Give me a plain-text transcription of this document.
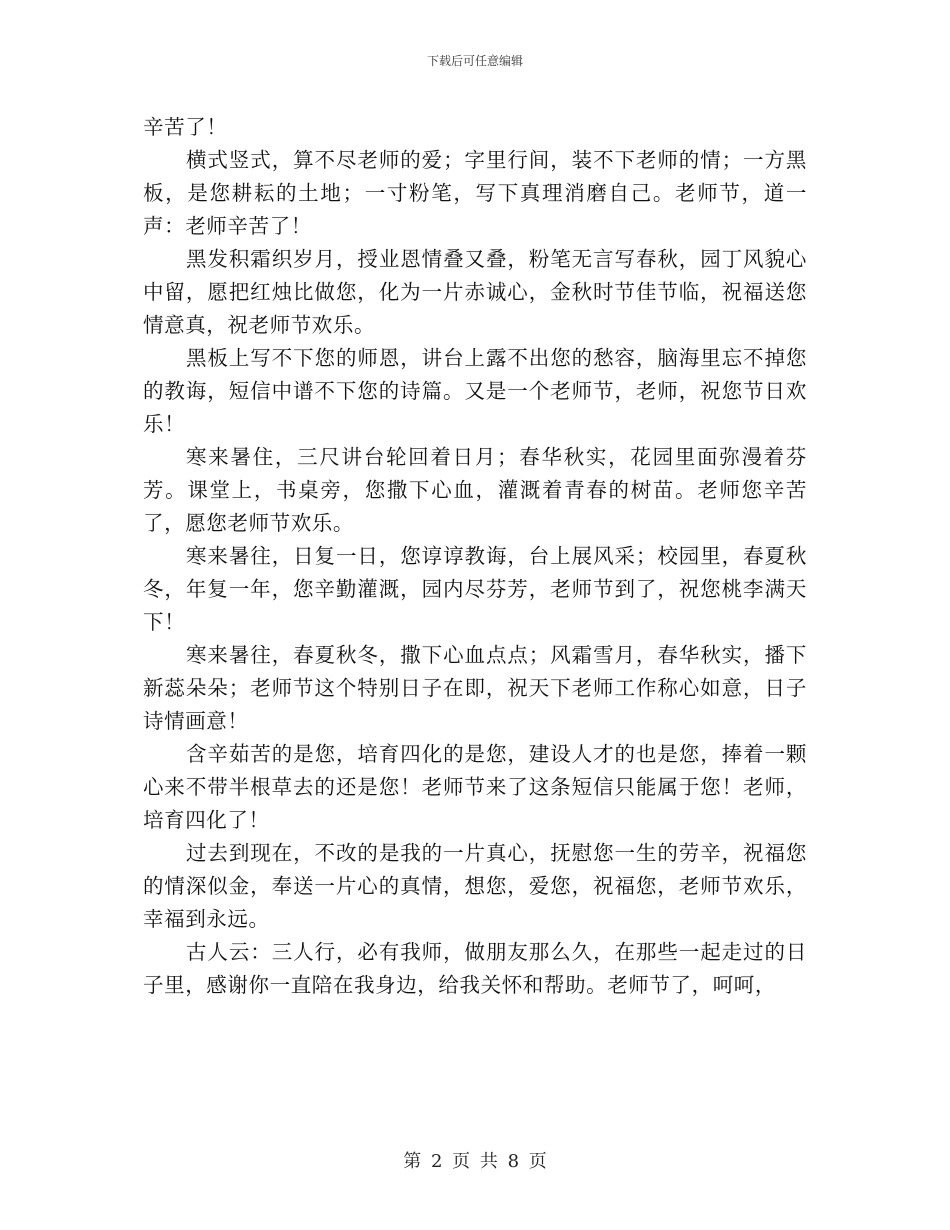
下载后可任意编辑

辛苦了！

横式竖式，算不尽老师的爱；字里行间，装不下老师的情；一方黑板，是您耕耘的土地；一寸粉笔，写下真理消磨自己。老师节，道一声：老师辛苦了！

黑发积霜织岁月，授业恩情叠又叠，粉笔无言写春秋，园丁风貌心中留，愿把红烛比做您，化为一片赤诚心，金秋时节佳节临，祝福送您情意真，祝老师节欢乐。

黑板上写不下您的师恩，讲台上露不出您的愁容，脑海里忘不掉您的教诲，短信中谱不下您的诗篇。又是一个老师节，老师，祝您节日欢乐！

寒来暑住，三尺讲台轮回着日月；春华秋实，花园里面弥漫着芬芳。课堂上，书桌旁，您撒下心血，灌溉着青春的树苗。老师您辛苦了，愿您老师节欢乐。

寒来暑往，日复一日，您谆谆教诲，台上展风采；校园里，春夏秋冬，年复一年，您辛勤灌溉，园内尽芬芳，老师节到了，祝您桃李满天下！

寒来暑往，春夏秋冬，撒下心血点点；风霜雪月，春华秋实，播下新蕊朵朵；老师节这个特别日子在即，祝天下老师工作称心如意，日子诗情画意！

含辛茹苦的是您，培育四化的是您，建设人才的也是您，捧着一颗心来不带半根草去的还是您！老师节来了这条短信只能属于您！老师，培育四化了！

过去到现在，不改的是我的一片真心，抚慰您一生的劳辛，祝福您的情深似金，奉送一片心的真情，想您，爱您，祝福您，老师节欢乐，幸福到永远。

古人云：三人行，必有我师，做朋友那么久，在那些一起走过的日子里，感谢你一直陪在我身边，给我关怀和帮助。老师节了，呵呵，

第 2 页 共 8 页
